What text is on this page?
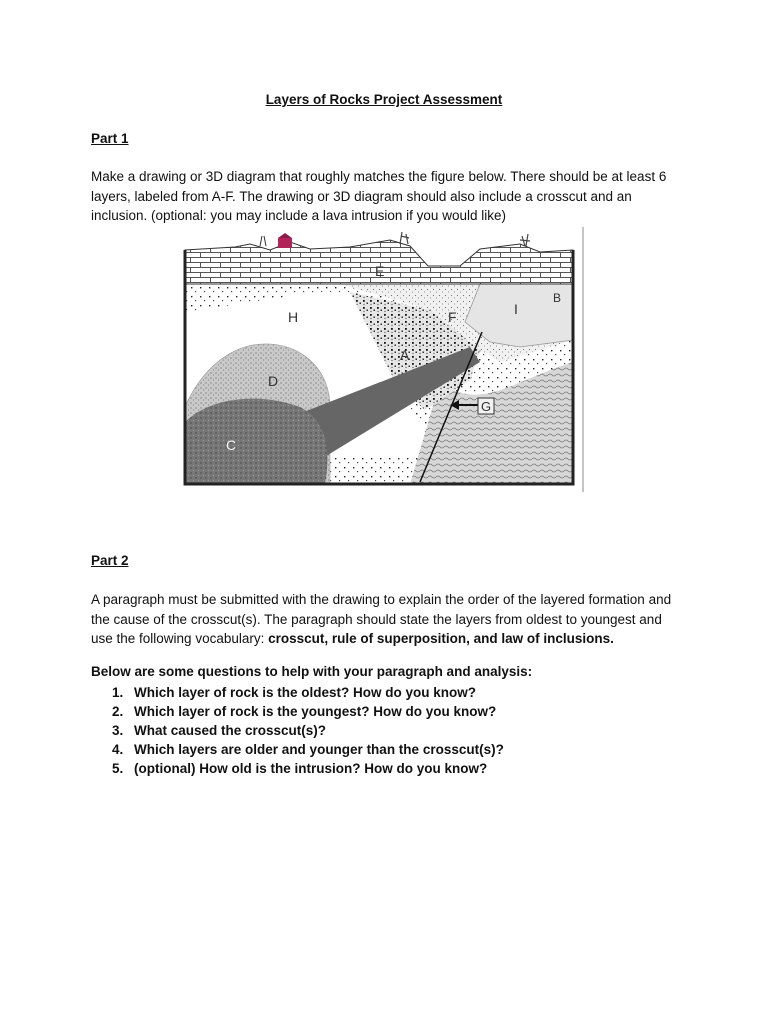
Layers of Rocks Project Assessment
Part 1

Make a drawing or 3D diagram that roughly matches the figure below. There should be at least 6 layers, labeled from A-F. The drawing or 3D diagram should also include a crosscut and an inclusion. (optional: you may include a lava intrusion if you would like)

E
B
H	F	I
A
D
C
G
Part 2

A paragraph must be submitted with the drawing to explain the order of the layered formation and the cause of the crosscut(s). The paragraph should state the layers from oldest to youngest and use the following vocabulary: crosscut, rule of superposition, and law of inclusions.

Below are some questions to help with your paragraph and analysis:
1. Which layer of rock is the oldest? How do you know?
2. Which layer of rock is the youngest? How do you know?
3. What caused the crosscut(s)?
4. Which layers are older and younger than the crosscut(s)?
5. (optional) How old is the intrusion? How do you know?
